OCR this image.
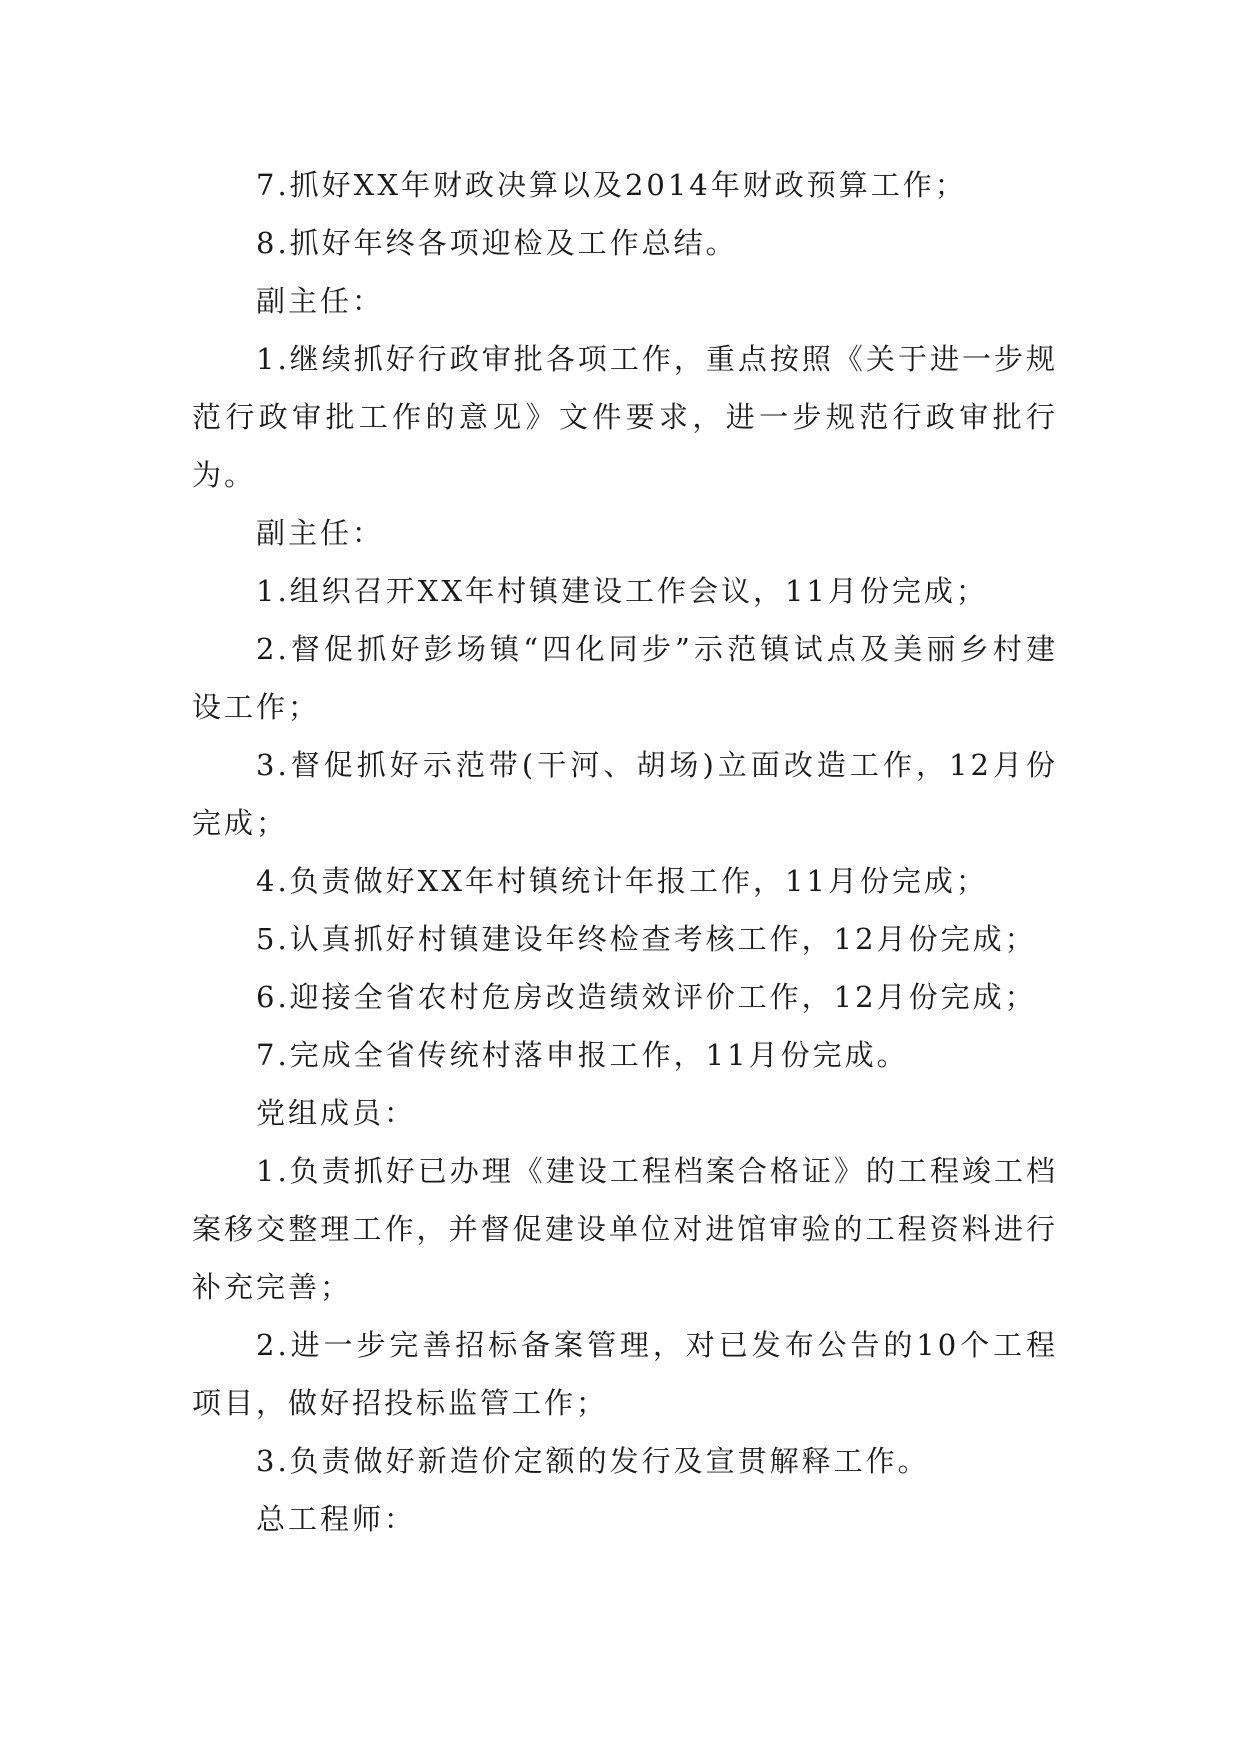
7.抓好XX年财政决算以及2014年财政预算工作；

8.抓好年终各项迎检及工作总结。

副主任：

1.继续抓好行政审批各项工作，重点按照《关于进一步规范行政审批工作的意见》文件要求，进一步规范行政审批行为。

副主任：

1.组织召开XX年村镇建设工作会议，11月份完成；

2.督促抓好彭场镇“四化同步”示范镇试点及美丽乡村建设工作；

3.督促抓好示范带(干河、胡场)立面改造工作，12月份完成；

4.负责做好XX年村镇统计年报工作，11月份完成；

5.认真抓好村镇建设年终检查考核工作，12月份完成；

6.迎接全省农村危房改造绩效评价工作，12月份完成；

7.完成全省传统村落申报工作，11月份完成。

党组成员：

1.负责抓好已办理《建设工程档案合格证》的工程竣工档案移交整理工作，并督促建设单位对进馆审验的工程资料进行补充完善；

2.进一步完善招标备案管理，对已发布公告的10个工程项目，做好招投标监管工作；

3.负责做好新造价定额的发行及宣贯解释工作。

总工程师：
